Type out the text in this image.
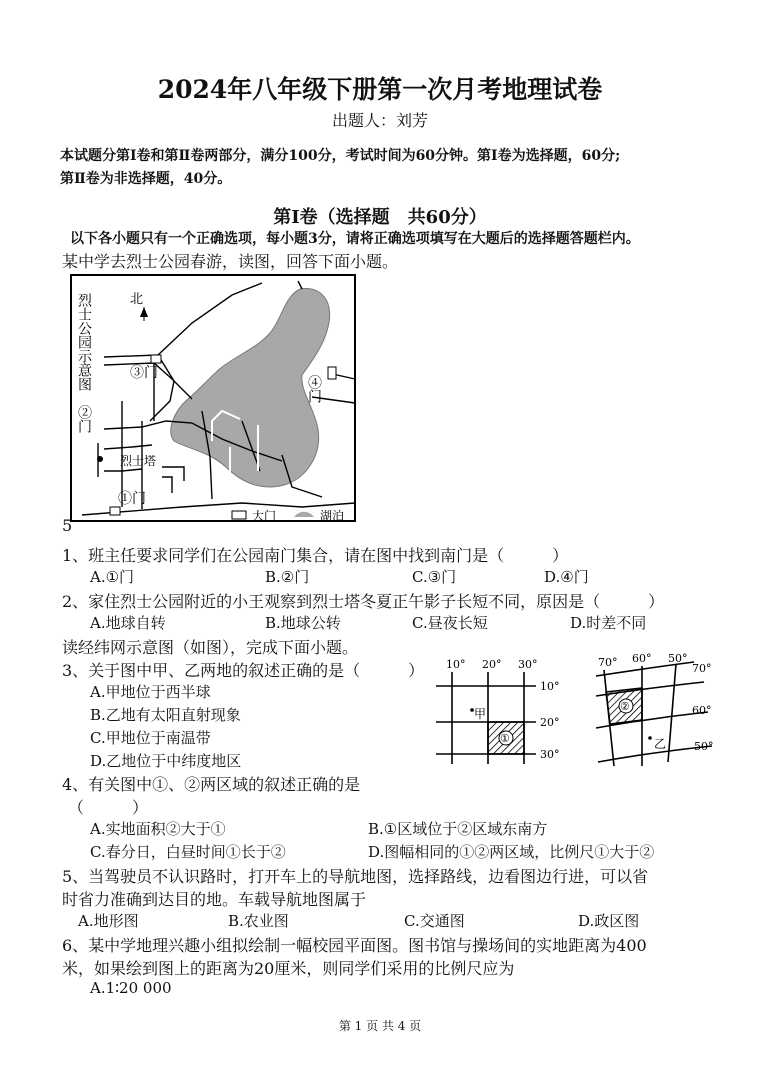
2024年八年级下册第一次月考地理试卷
出题人：刘芳
本试题分第Ⅰ卷和第Ⅱ卷两部分，满分100分，考试时间为60分钟。第Ⅰ卷为选择题，60分;
第Ⅱ卷为非选择题，40分。
第Ⅰ卷（选择题　共60分）
以下各小题只有一个正确选项，每小题3分，请将正确选项填写在大题后的选择题答题栏内。
某中学去烈士公园春游，读图，回答下面小题。
北
烈士公园示意图
②门
③门
④门
烈士塔
①门
大门	湖泊
5
1、班主任要求同学们在公园南门集合，请在图中找到南门是（　　　）
A.①门	B.②门	C.③门	D.④门
2、家住烈士公园附近的小王观察到烈士塔冬夏正午影子长短不同，原因是（　　　）
A.地球自转	B.地球公转	C.昼夜长短	D.时差不同
读经纬网示意图（如图），完成下面小题。
3、关于图中甲、乙两地的叙述正确的是（　　　）
A.甲地位于西半球
B.乙地有太阳直射现象
C.甲地位于南温带
D.乙地位于中纬度地区
10° 20° 30°
10°
20°
30°
甲
①
②
70° 60° 50°
70°
60°
50°
乙
4、有关图中①、②两区域的叙述正确的是
（　　　）
A.实地面积②大于①	B.①区域位于②区域东南方
C.春分日，白昼时间①长于②	D.图幅相同的①②两区域，比例尺①大于②
5、当驾驶员不认识路时，打开车上的导航地图，选择路线，边看图边行进，可以省
时省力准确到达目的地。车载导航地图属于
A.地形图	B.农业图	C.交通图	D.政区图
6、某中学地理兴趣小组拟绘制一幅校园平面图。图书馆与操场间的实地距离为400
米，如果绘到图上的距离为20厘米，则同学们采用的比例尺应为
A.1∶20 000
第 1 页 共 4 页
